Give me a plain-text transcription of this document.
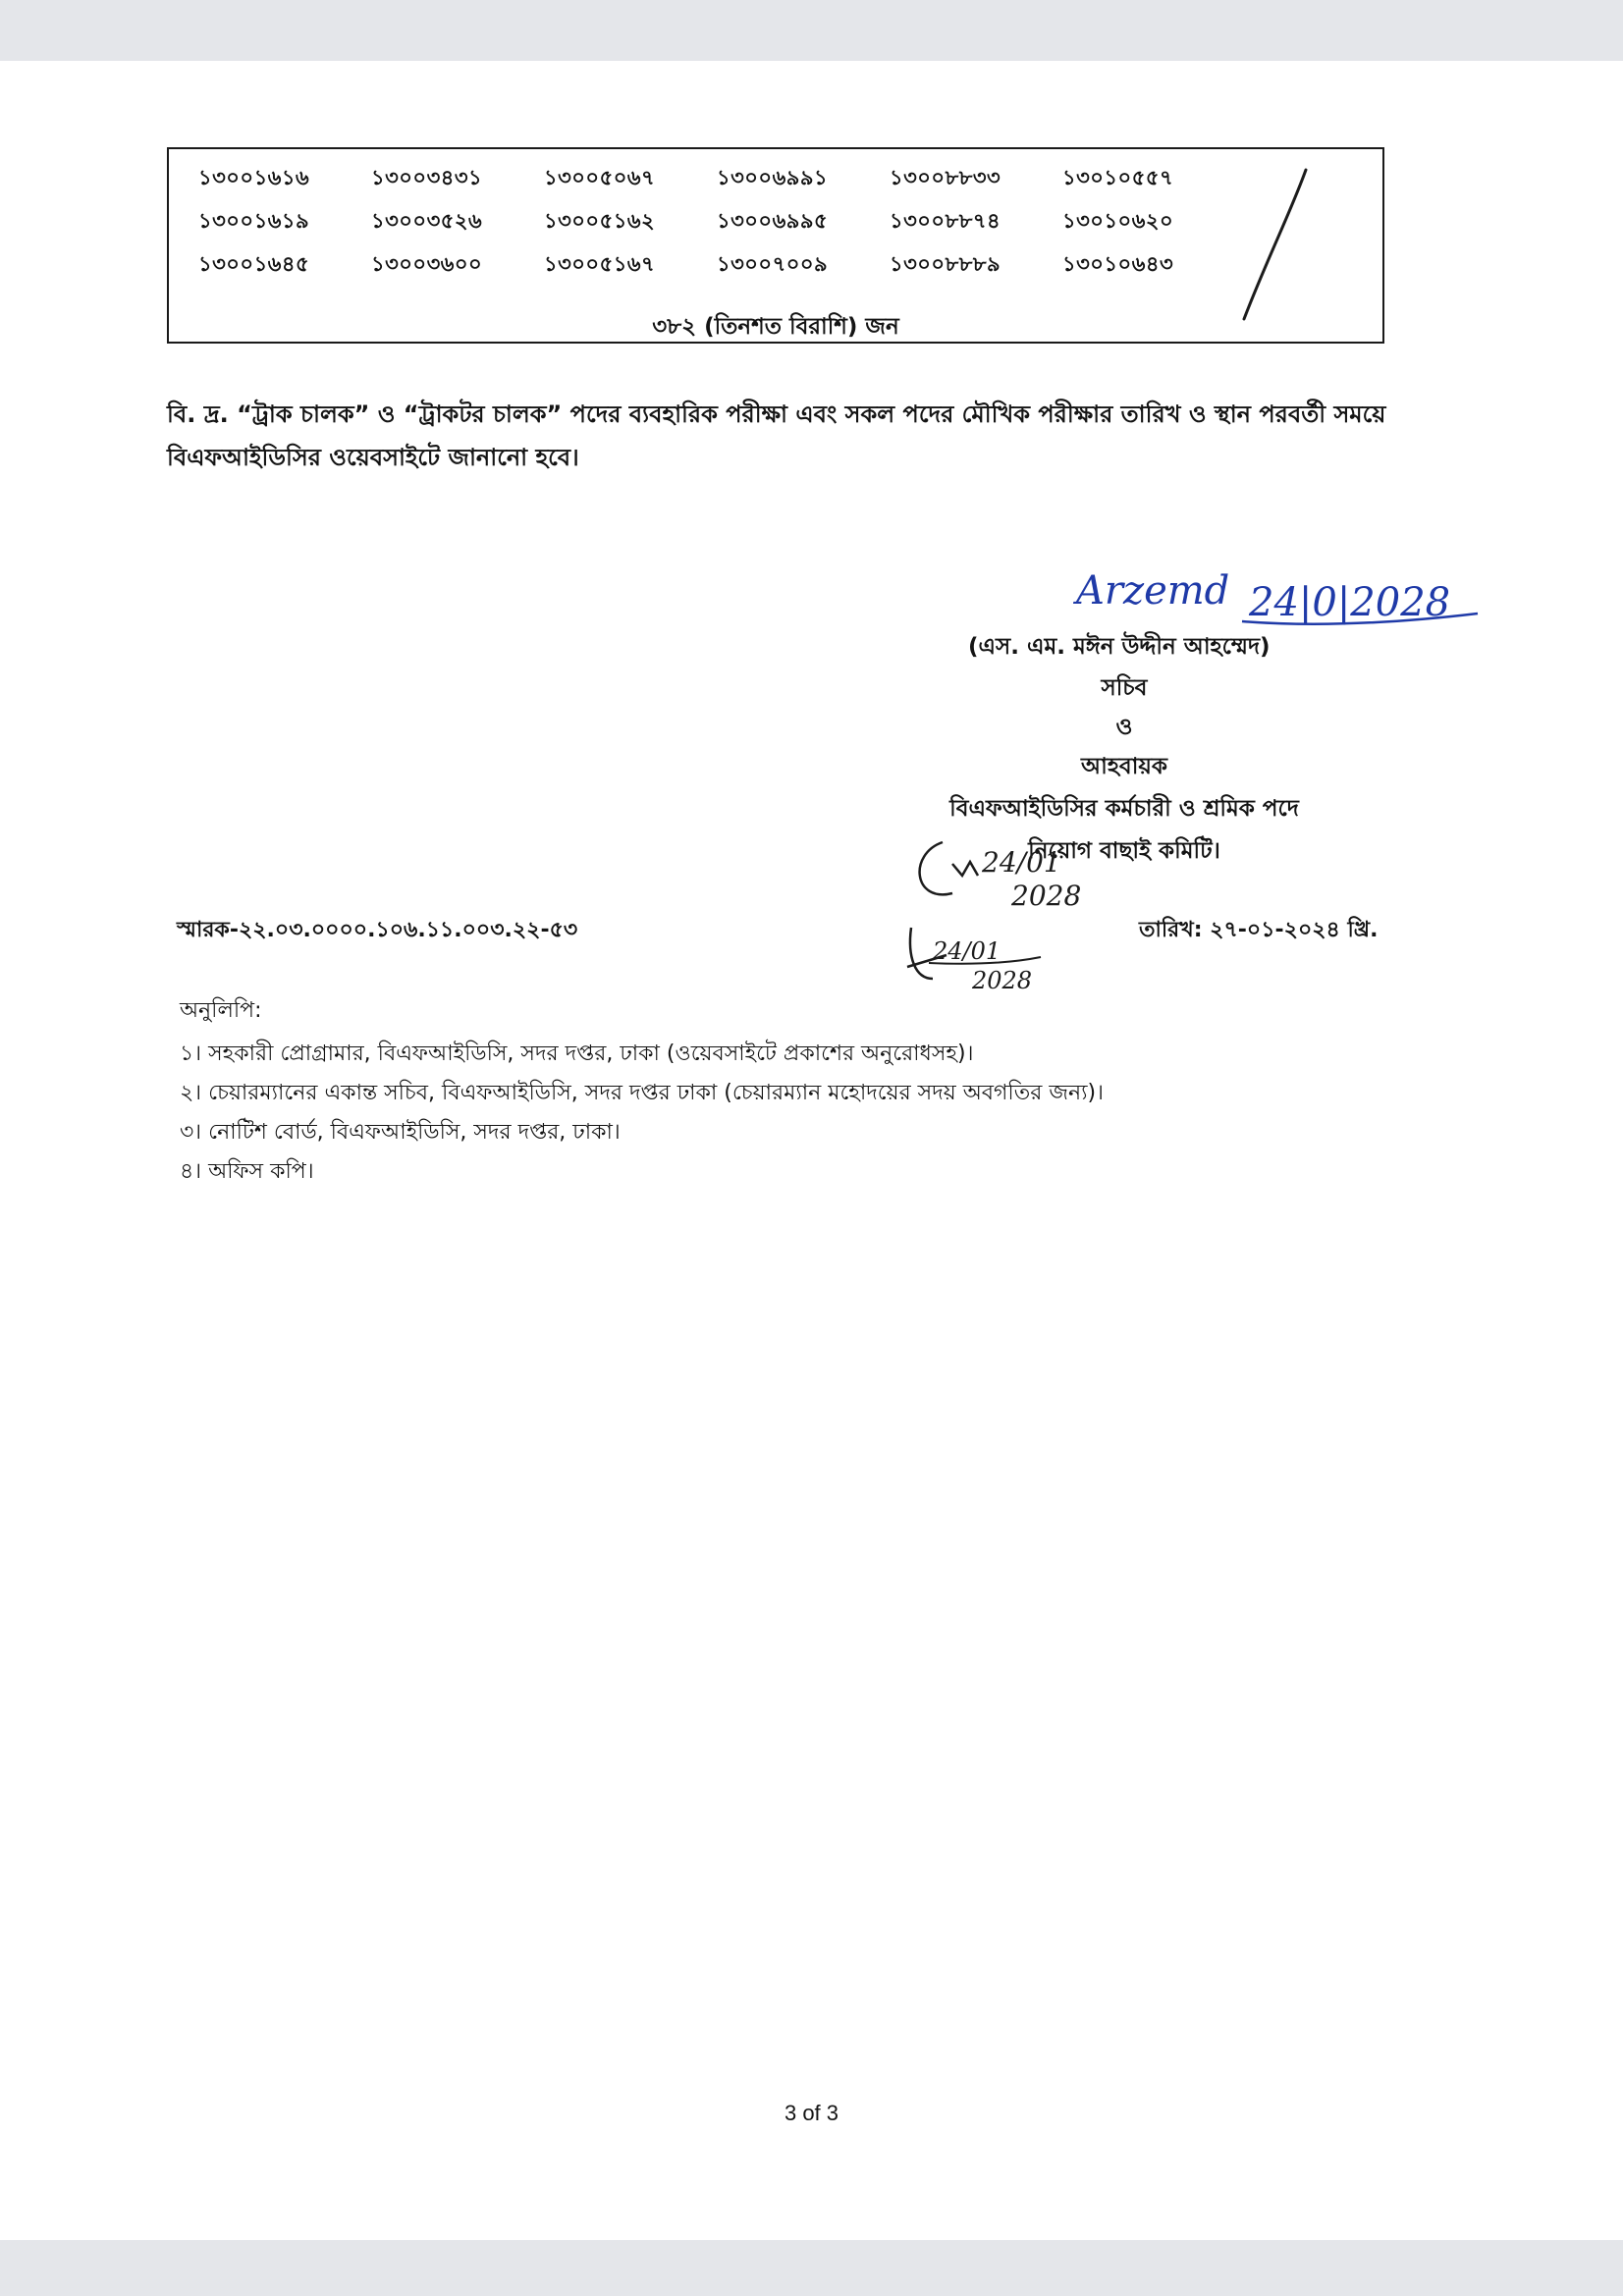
১৩০০১৬১৬	১৩০০৩৪৩১	১৩০০৫০৬৭	১৩০০৬৯৯১	১৩০০৮৮৩৩	১৩০১০৫৫৭
১৩০০১৬১৯	১৩০০৩৫২৬	১৩০০৫১৬২	১৩০০৬৯৯৫	১৩০০৮৮৭৪	১৩০১০৬২০
১৩০০১৬৪৫	১৩০০৩৬০০	১৩০০৫১৬৭	১৩০০৭০০৯	১৩০০৮৮৮৯	১৩০১০৬৪৩
৩৮২ (তিনশত বিরাশি) জন

বি. দ্র. “ট্রাক চালক” ও “ট্রাকটর চালক” পদের ব্যবহারিক পরীক্ষা এবং সকল পদের মৌখিক পরীক্ষার তারিখ ও স্থান পরবর্তী সময়ে

বিএফআইডিসির ওয়েবসাইটে জানানো হবে।

Arzemd 24|0|2028
(এস. এম. মঈন উদ্দীন আহম্মেদ)
সচিব
ও
আহবায়ক
বিএফআইডিসির কর্মচারী ও শ্রমিক পদে
নিয়োগ বাছাই কমিটি।
24/01
2028
24/01
2028
স্মারক-২২.০৩.০০০০.১০৬.১১.০০৩.২২-৫৩	তারিখ: ২৭-০১-২০২৪ খ্রি.
অনুলিপি:
১। সহকারী প্রোগ্রামার, বিএফআইডিসি, সদর দপ্তর, ঢাকা (ওয়েবসাইটে প্রকাশের অনুরোধসহ)।
২। চেয়ারম্যানের একান্ত সচিব, বিএফআইডিসি, সদর দপ্তর ঢাকা (চেয়ারম্যান মহোদয়ের সদয় অবগতির জন্য)।
৩। নোটিশ বোর্ড, বিএফআইডিসি, সদর দপ্তর, ঢাকা।
৪। অফিস কপি।
3 of 3
